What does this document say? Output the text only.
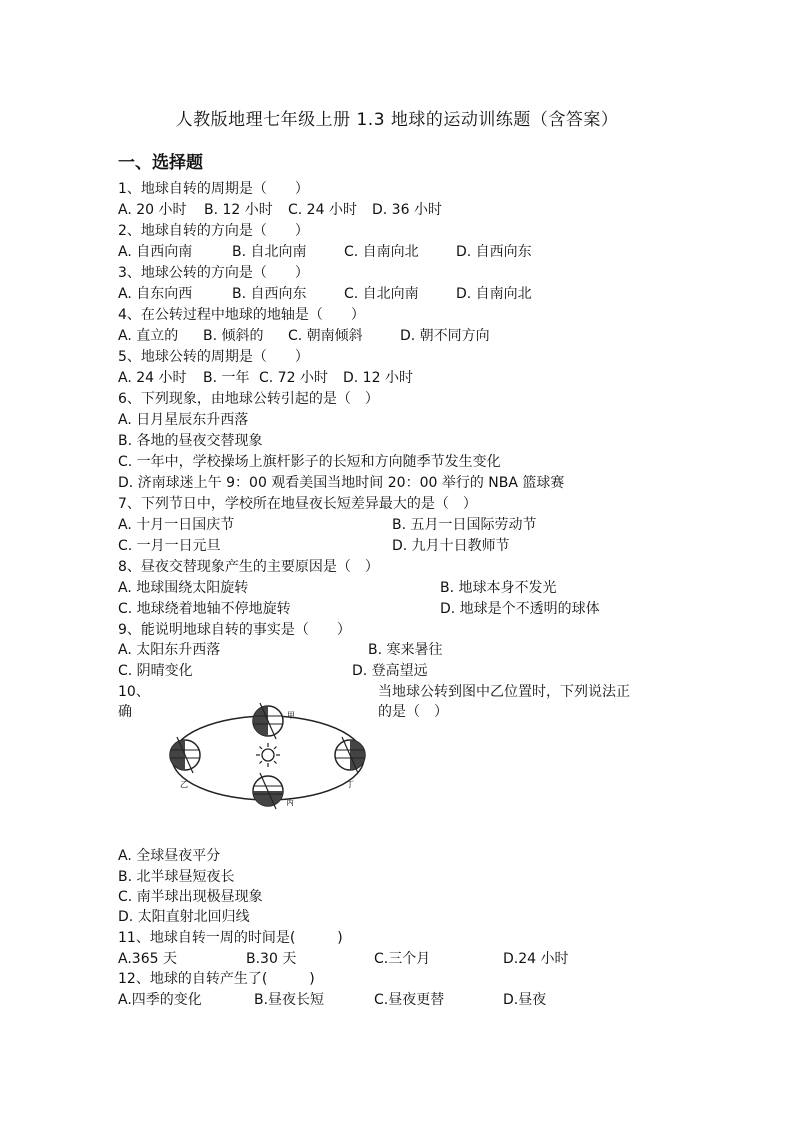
人教版地理七年级上册 1.3 地球的运动训练题（含答案）
一、选择题
1、地球自转的周期是（　　）
A. 20 小时 B. 12 小时 C. 24 小时 D. 36 小时
2、地球自转的方向是（　　）
A. 自西向南	B. 自北向南	C. 自南向北	D. 自西向东
3、地球公转的方向是（　　）
A. 自东向西	B. 自西向东	C. 自北向南	D. 自南向北
4、在公转过程中地球的地轴是（　　）
A. 直立的 B. 倾斜的 C. 朝南倾斜	D. 朝不同方向
5、地球公转的周期是（　　）
A. 24 小时 B. 一年 C. 72 小时 D. 12 小时
6、下列现象，由地球公转引起的是（　）
A. 日月星辰东升西落
B. 各地的昼夜交替现象
C. 一年中，学校操场上旗杆影子的长短和方向随季节发生变化
D. 济南球迷上午 9：00 观看美国当地时间 20：00 举行的 NBA 篮球赛
7、下列节日中，学校所在地昼夜长短差异最大的是（　）
A. 十月一日国庆节	B. 五月一日国际劳动节
C. 一月一日元旦	D. 九月十日教师节
8、昼夜交替现象产生的主要原因是（　）
A. 地球围绕太阳旋转	B. 地球本身不发光
C. 地球绕着地轴不停地旋转	D. 地球是个不透明的球体
9、能说明地球自转的事实是（　　）
A. 太阳东升西落	B. 寒来暑往
C. 阴晴变化	D. 登高望远
10、	当地球公转到图中乙位置时，下列说法正
确	的是（　）
甲
乙
丙
丁
A. 全球昼夜平分
B. 北半球昼短夜长
C. 南半球出现极昼现象
D. 太阳直射北回归线
11、地球自转一周的时间是(　　　)
A.365 天	B.30 天	C.三个月	D.24 小时
12、地球的自转产生了(　　　)
A.四季的变化	B.昼夜长短	C.昼夜更替	D.昼夜
